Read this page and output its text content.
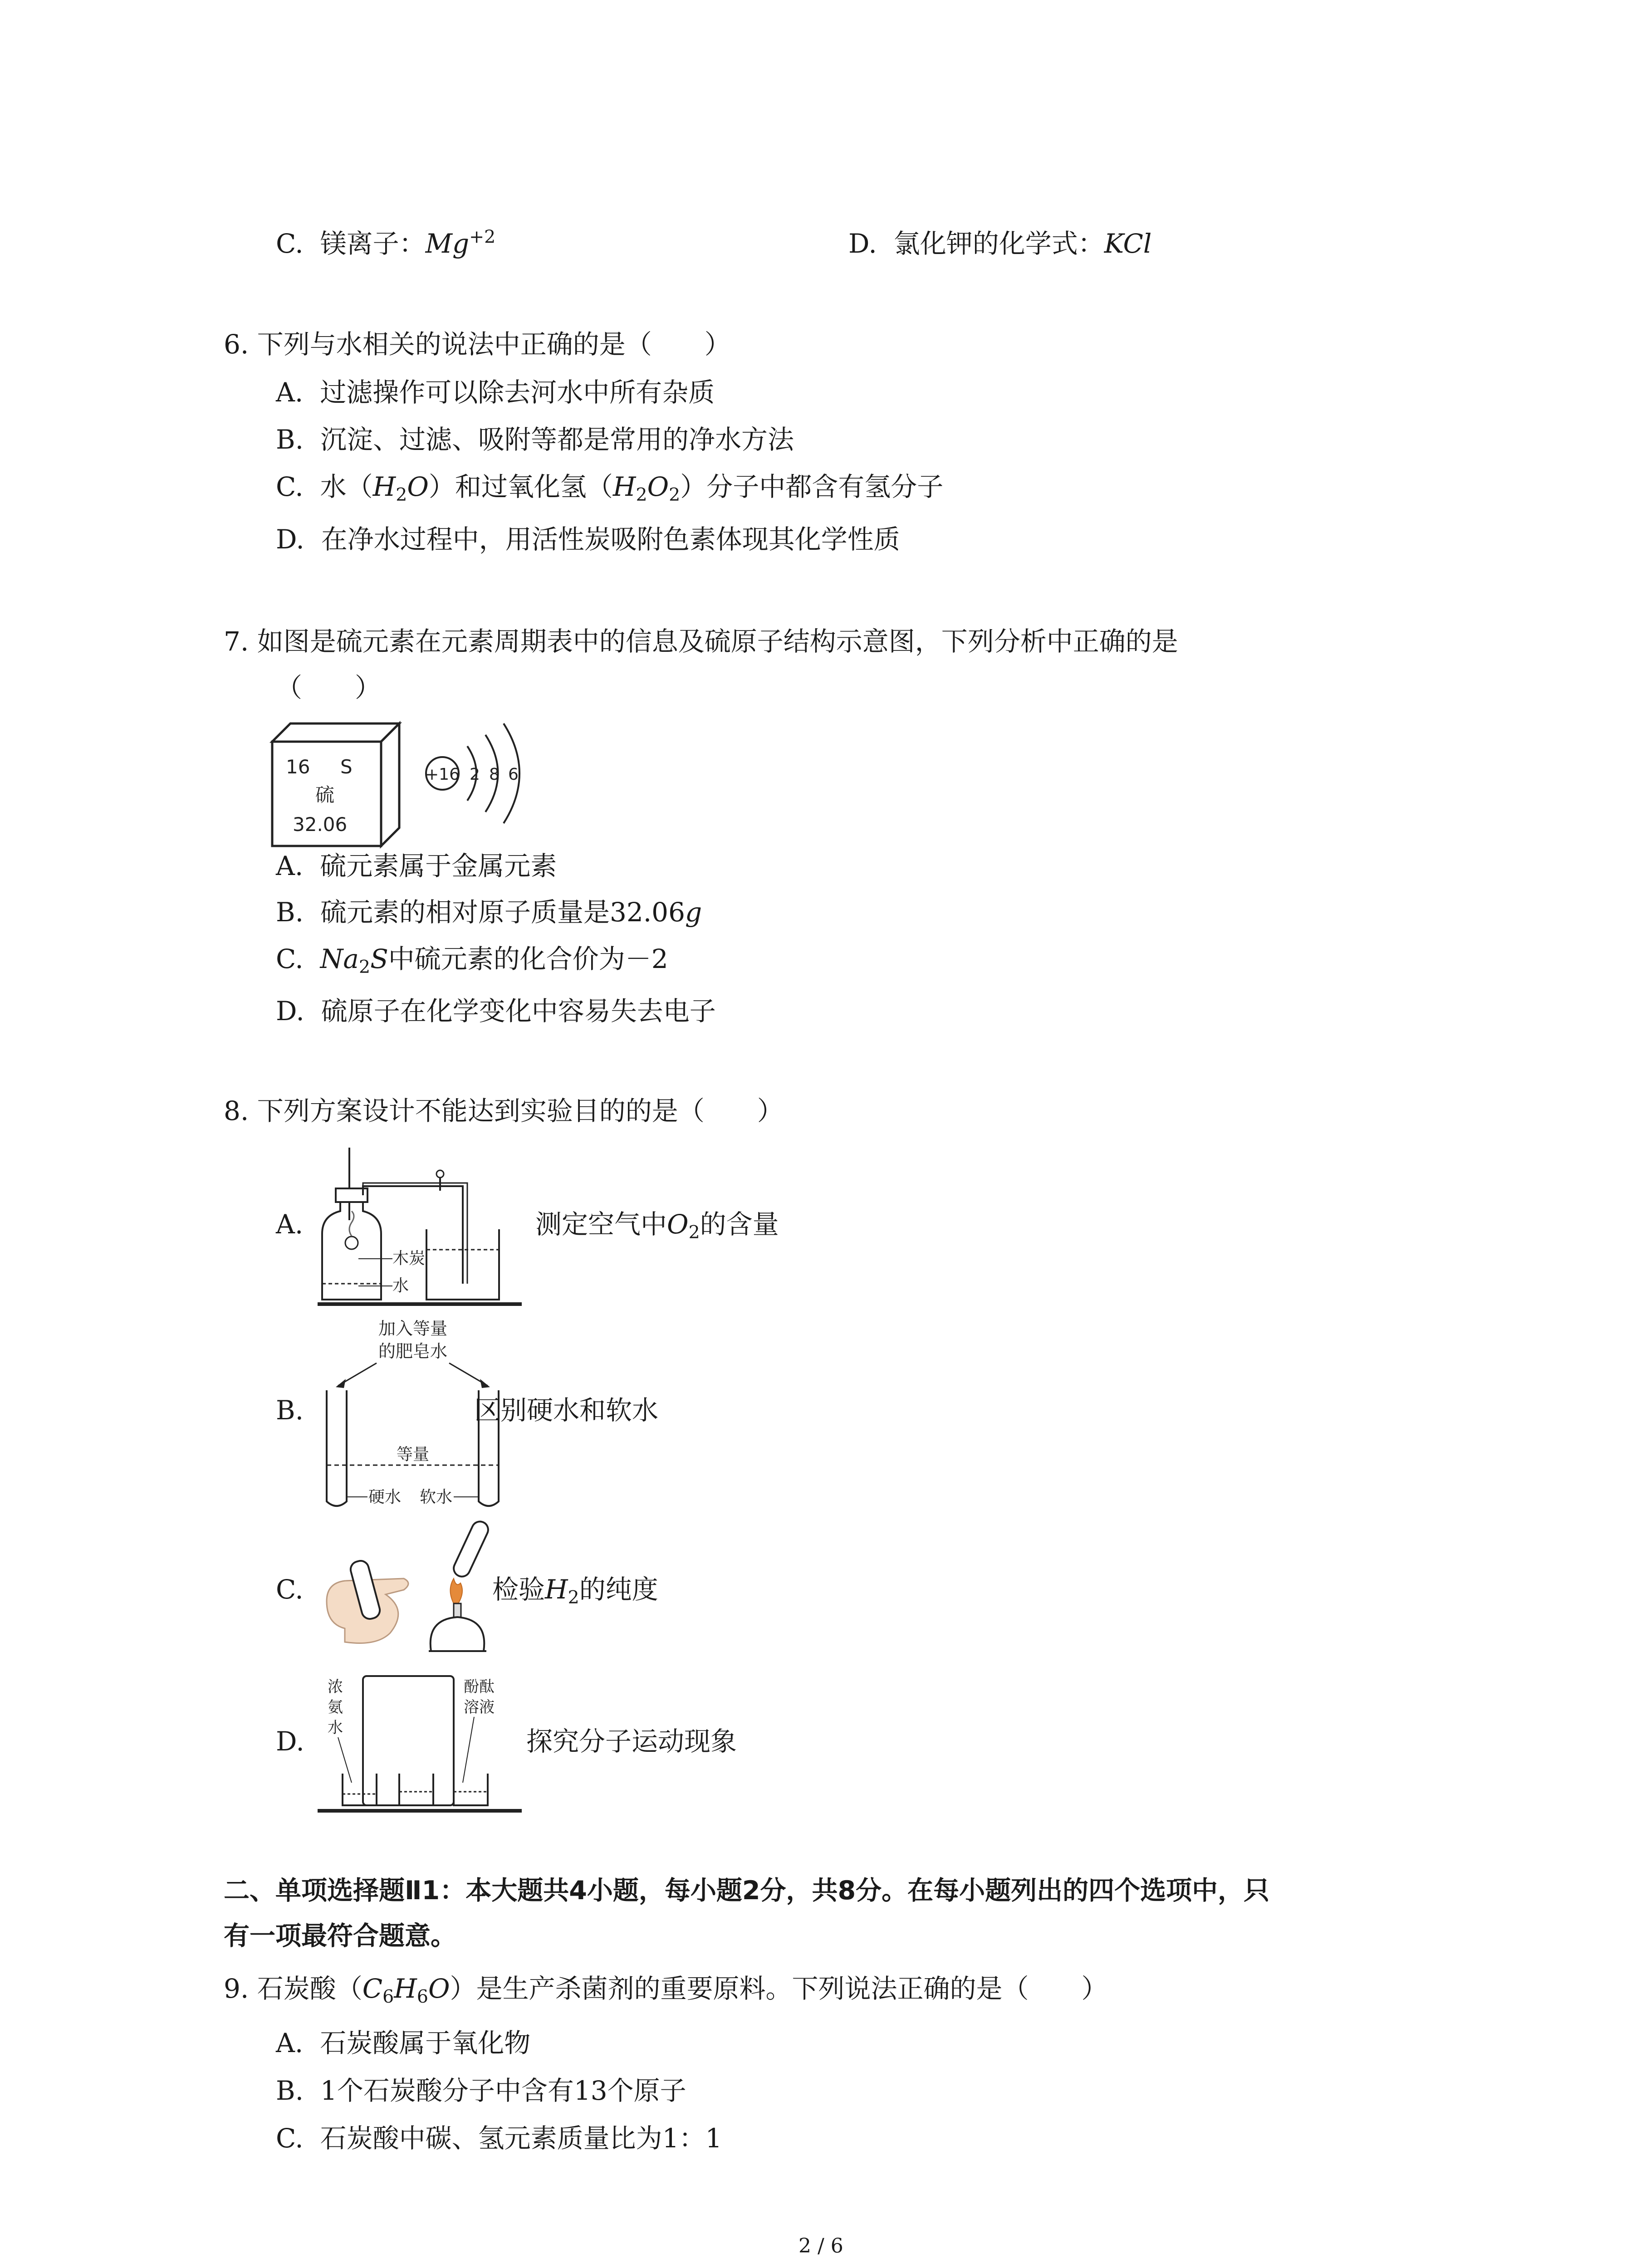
C. 镁离子：$Mg^{+2}$	D. 氯化钾的化学式：KCl
6. 下列与水相关的说法中正确的是（　　）
A. 过滤操作可以除去河水中所有杂质
B. 沉淀、过滤、吸附等都是常用的净水方法
C. 水$(H_2O)$和过氧化氢$(H_2O_2)$分子中都含有氢分子
D. 在净水过程中，用活性炭吸附色素体现其化学性质
7. 如图是硫元素在元素周期表中的信息及硫原子结构示意图，下列分析中正确的是
（　　）
16 S
硫
32.06
+16 2 8 6
A. 硫元素属于金属元素
B. 硫元素的相对原子质量是32.06g
C. $Na_2S$中硫元素的化合价为－2
D. 硫原子在化学变化中容易失去电子
8. 下列方案设计不能达到实验目的的是（　　）
A.
木炭
水
测定空气中$O_2$的含量
加入等量
的肥皂水
等量
硬水 软水
B.	区别硬水和软水
C.	检验$H_2$的纯度
浓
氨
水
酚酞
溶液
D.	探究分子运动现象
二、单项选择题Ⅱ1：本大题共4小题，每小题2分，共8分。在每小题列出的四个选项中，只
有一项最符合题意。
9. 石炭酸$(C_6H_6O)$是生产杀菌剂的重要原料。下列说法正确的是（　　）
A. 石炭酸属于氧化物
B. 1个石炭酸分子中含有13个原子
C. 石炭酸中碳、氢元素质量比为1：1
2 / 6
